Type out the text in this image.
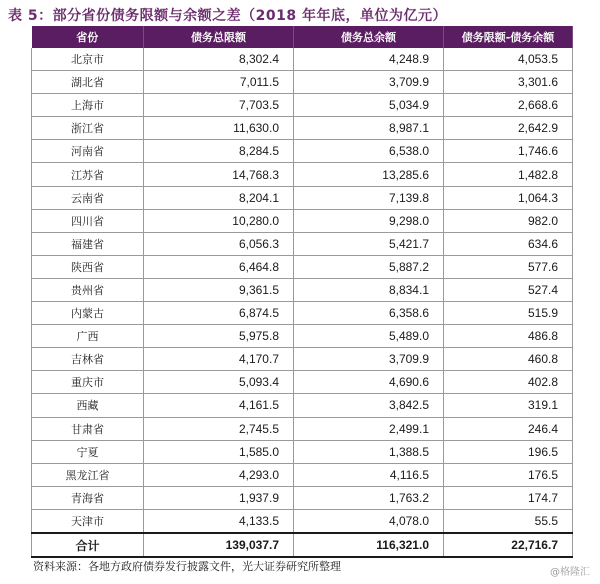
表 5：部分省份债务限额与余额之差（2018 年年底，单位为亿元）
省份	债务总限额	债务总余额	债务限额-债务余额
北京市	8,302.4	4,248.9	4,053.5
湖北省	7,011.5	3,709.9	3,301.6
上海市	7,703.5	5,034.9	2,668.6
浙江省	11,630.0	8,987.1	2,642.9
河南省	8,284.5	6,538.0	1,746.6
江苏省	14,768.3	13,285.6	1,482.8
云南省	8,204.1	7,139.8	1,064.3
四川省	10,280.0	9,298.0	982.0
福建省	6,056.3	5,421.7	634.6
陕西省	6,464.8	5,887.2	577.6
贵州省	9,361.5	8,834.1	527.4
内蒙古	6,874.5	6,358.6	515.9
广西	5,975.8	5,489.0	486.8
吉林省	4,170.7	3,709.9	460.8
重庆市	5,093.4	4,690.6	402.8
西藏	4,161.5	3,842.5	319.1
甘肃省	2,745.5	2,499.1	246.4
宁夏	1,585.0	1,388.5	196.5
黑龙江省	4,293.0	4,116.5	176.5
青海省	1,937.9	1,763.2	174.7
天津市	4,133.5	4,078.0	55.5
合计	139,037.7	116,321.0	22,716.7
资料来源：各地方政府债券发行披露文件，光大证券研究所整理	@格隆汇
